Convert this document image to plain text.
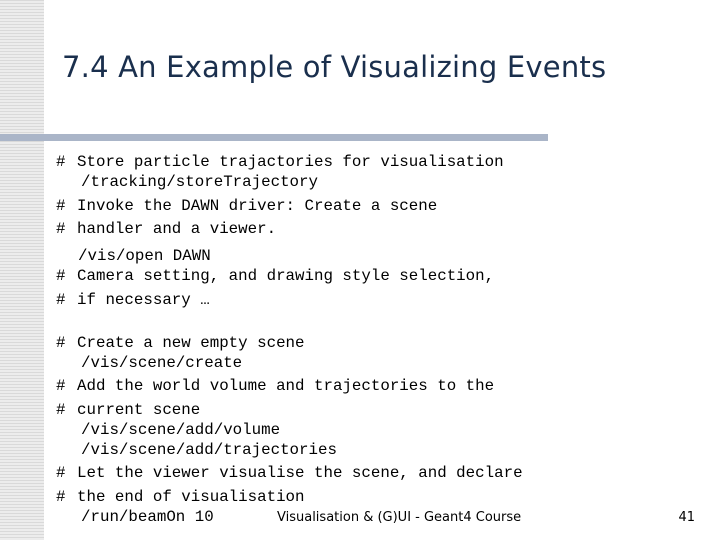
7.4 An Example of Visualizing Events
# Store particle trajactories for visualisation
/tracking/storeTrajectory
# Invoke the DAWN driver: Create a scene
# handler and a viewer.
/vis/open DAWN
# Camera setting, and drawing style selection,
# if necessary …
# Create a new empty scene
/vis/scene/create
# Add the world volume and trajectories to the
# current scene
/vis/scene/add/volume
/vis/scene/add/trajectories
# Let the viewer visualise the scene, and declare
# the end of visualisation
/run/beamOn 10	Visualisation & (G)UI - Geant4 Course	41
